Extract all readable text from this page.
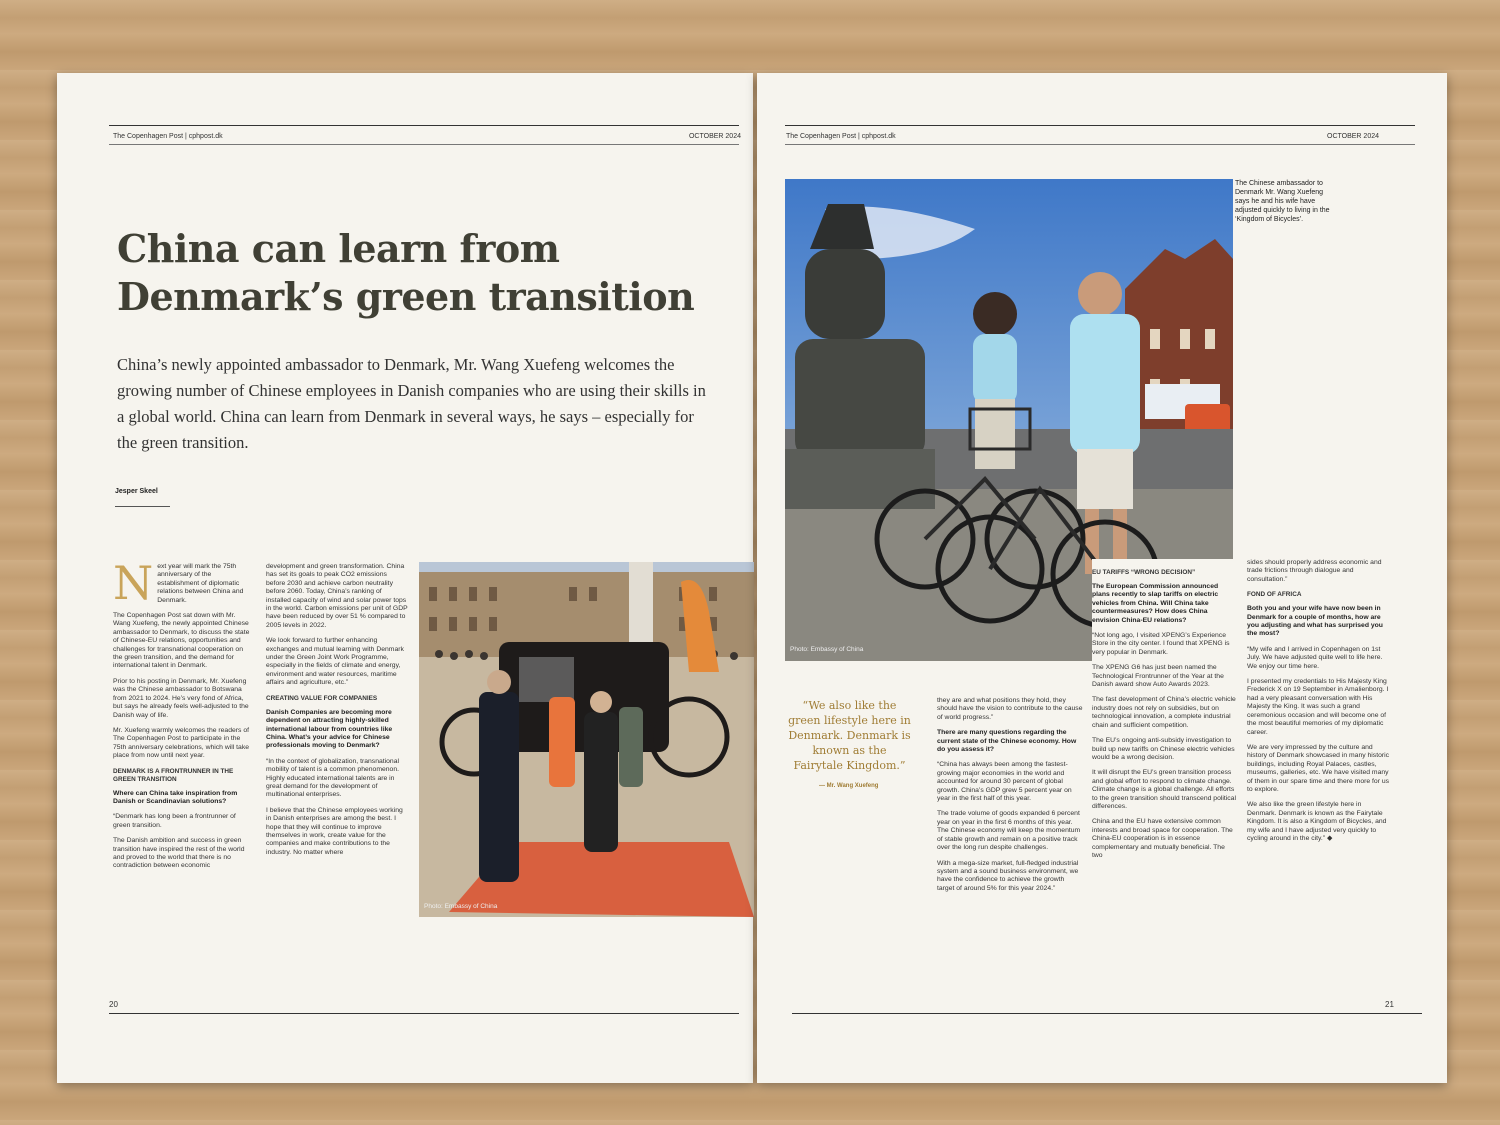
The Copenhagen Post | cphpost.dk	OCTOBER 2024
China can learn from
Denmark’s green transition
China’s newly appointed ambassador to Denmark, Mr. Wang Xuefeng welcomes the growing number of Chinese employees in Danish companies who are using their skills in a global world. China can learn from Denmark in several ways, he says – especially for the green transition.
Jesper Skeel

Next year will mark the 75th anniversary of the establishment of diplomatic relations between China and Denmark.

The Copenhagen Post sat down with Mr. Wang Xuefeng, the newly appointed Chinese ambassador to Denmark, to discuss the state of Chinese-EU relations, opportunities and challenges for transnational cooperation on the green transition, and the demand for international talent in Denmark.

Prior to his posting in Denmark, Mr. Xuefeng was the Chinese ambassador to Botswana from 2021 to 2024. He’s very fond of Africa, but says he already feels well-adjusted to the Danish way of life.

Mr. Xuefeng warmly welcomes the readers of The Copenhagen Post to participate in the 75th anniversary celebrations, which will take place from now until next year.

DENMARK IS A FRONTRUNNER IN THE GREEN TRANSITION

Where can China take inspiration from Danish or Scandinavian solutions?

“Denmark has long been a frontrunner of green transition.

The Danish ambition and success in green transition have inspired the rest of the world and proved to the world that there is no contradiction between economic

development and green transformation. China has set its goals to peak CO2 emissions before 2030 and achieve carbon neutrality before 2060. Today, China’s ranking of installed capacity of wind and solar power tops in the world. Carbon emissions per unit of GDP have been reduced by over 51 % compared to 2005 levels in 2022.

We look forward to further enhancing exchanges and mutual learning with Denmark under the Green Joint Work Programme, especially in the fields of climate and energy, environment and water resources, maritime affairs and agriculture, etc.”

CREATING VALUE FOR COMPANIES

Danish Companies are becoming more dependent on attracting highly-skilled international labour from countries like China. What’s your advice for Chinese professionals moving to Denmark?

“In the context of globalization, transnational mobility of talent is a common phenomenon. Highly educated international talents are in great demand for the development of multinational enterprises.

I believe that the Chinese employees working in Danish enterprises are among the best. I hope that they will continue to improve themselves in work, create value for the companies and make contributions to the industry. No matter where

Photo: Embassy of China
20
The Copenhagen Post | cphpost.dk	OCTOBER 2024
Photo: Embassy of China
The Chinese ambassador to Denmark Mr. Wang Xuefeng says he and his wife have adjusted quickly to living in the ‘Kingdom of Bicycles’.
“We also like the green lifestyle here in Denmark. Denmark is known as the Fairytale Kingdom.”
— Mr. Wang Xuefeng

they are and what positions they hold, they should have the vision to contribute to the cause of world progress.”

There are many questions regarding the current state of the Chinese economy. How do you assess it?

“China has always been among the fastest-growing major economies in the world and accounted for around 30 percent of global growth. China’s GDP grew 5 percent year on year in the first half of this year.

The trade volume of goods expanded 6 percent year on year in the first 6 months of this year. The Chinese economy will keep the momentum of stable growth and remain on a positive track over the long run despite challenges.

With a mega-size market, full-fledged industrial system and a sound business environment, we have the confidence to achieve the growth target of around 5% for this year 2024.”

EU TARIFFS “WRONG DECISION”

The European Commission announced plans recently to slap tariffs on electric vehicles from China. Will China take countermeasures? How does China envision China-EU relations?

“Not long ago, I visited XPENG’s Experience Store in the city center. I found that XPENG is very popular in Denmark.

The XPENG G6 has just been named the Technological Frontrunner of the Year at the Danish award show Auto Awards 2023.

The fast development of China’s electric vehicle industry does not rely on subsidies, but on technological innovation, a complete industrial chain and sufficient competition.

The EU’s ongoing anti-subsidy investigation to build up new tariffs on Chinese electric vehicles would be a wrong decision.

It will disrupt the EU’s green transition process and global effort to respond to climate change. Climate change is a global challenge. All efforts to the green transition should transcend political differences.

China and the EU have extensive common interests and broad space for cooperation. The China-EU cooperation is in essence complementary and mutually beneficial. The two

sides should properly address economic and trade frictions through dialogue and consultation.”

FOND OF AFRICA

Both you and your wife have now been in Denmark for a couple of months, how are you adjusting and what has surprised you the most?

“My wife and I arrived in Copenhagen on 1st July. We have adjusted quite well to life here. We enjoy our time here.

I presented my credentials to His Majesty King Frederick X on 19 September in Amalienborg. I had a very pleasant conversation with His Majesty the King. It was such a grand ceremonious occasion and will become one of the most beautiful memories of my diplomatic career.

We are very impressed by the culture and history of Denmark showcased in many historic buildings, including Royal Palaces, castles, museums, galleries, etc. We have visited many of them in our spare time and there more for us to explore.

We also like the green lifestyle here in Denmark. Denmark is known as the Fairytale Kingdom. It is also a Kingdom of Bicycles, and my wife and I have adjusted very quickly to cycling around in the city.” ◆

21
